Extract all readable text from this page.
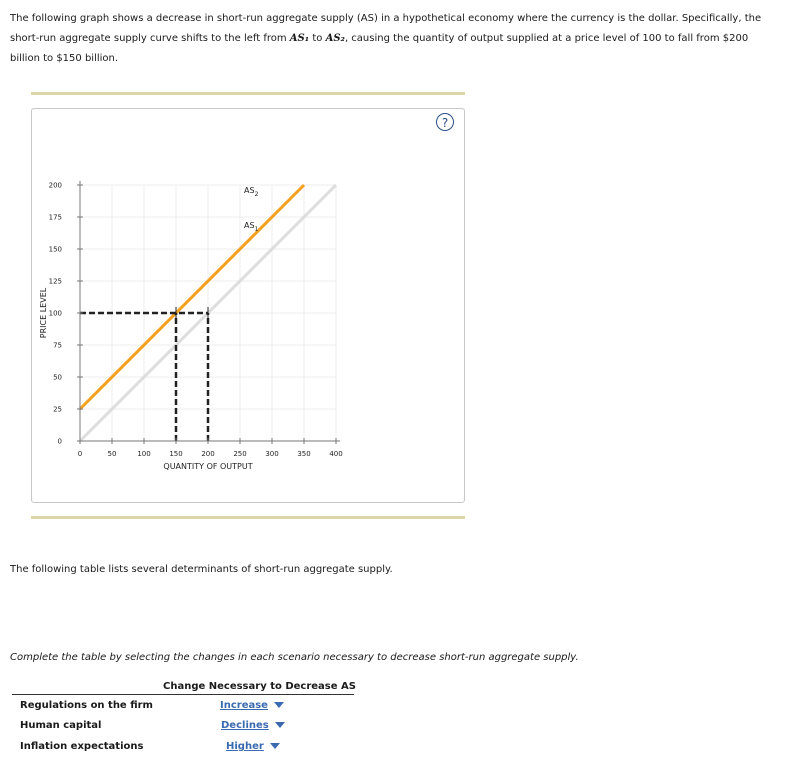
The following graph shows a decrease in short-run aggregate supply (AS) in a hypothetical economy where the currency is the dollar. Specifically, the short-run aggregate supply curve shifts to the left from AS₁ to AS₂, causing the quantity of output supplied at a price level of 100 to fall from $200 billion to $150 billion.

0	50	100	150	200	250	300	350	400
0
25
50
75
100
125
150
175
200
QUANTITY OF OUTPUT
PRICE LEVEL
$AS_2$
$AS_1$
?

The following table lists several determinants of short-run aggregate supply.

Complete the table by selecting the changes in each scenario necessary to decrease short-run aggregate supply.

Change Necessary to Decrease AS
Regulations on the firm	Increase
Human capital	Declines
Inflation expectations	Higher
